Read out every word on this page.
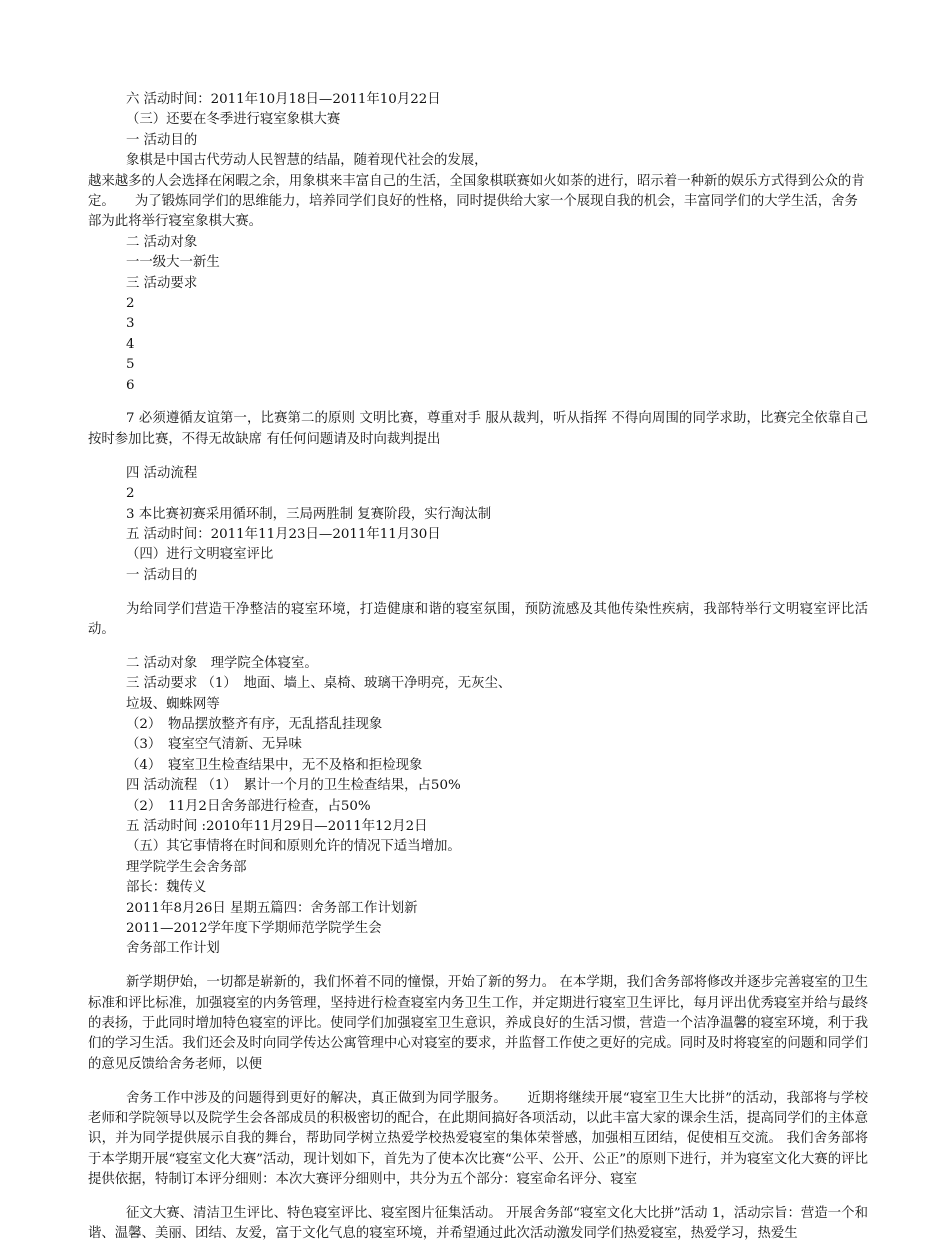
六 活动时间：2011年10月18日—2011年10月22日

（三）还要在冬季进行寝室象棋大赛

一 活动目的

象棋是中国古代劳动人民智慧的结晶，随着现代社会的发展，

越来越多的人会选择在闲暇之余，用象棋来丰富自己的生活，全国象棋联赛如火如荼的进行，昭示着一种新的娱乐方式得到公众的肯定。　　为了锻炼同学们的思维能力，培养同学们良好的性格，同时提供给大家一个展现自我的机会，丰富同学们的大学生活，舍务部为此将举行寝室象棋大赛。

二 活动对象

一一级大一新生

三 活动要求

2

3

4

5

6

7 必须遵循友谊第一，比赛第二的原则 文明比赛，尊重对手 服从裁判，听从指挥 不得向周围的同学求助，比赛完全依靠自己 按时参加比赛，不得无故缺席 有任何问题请及时向裁判提出

四 活动流程

2

3 本比赛初赛采用循环制，三局两胜制 复赛阶段，实行淘汰制

五 活动时间：2011年11月23日—2011年11月30日

（四）进行文明寝室评比

一 活动目的

为给同学们营造干净整洁的寝室环境，打造健康和谐的寝室氛围，预防流感及其他传染性疾病，我部特举行文明寝室评比活动。

二 活动对象　理学院全体寝室。

三 活动要求 （1）　地面、墙上、桌椅、玻璃干净明亮，无灰尘、

垃圾、蜘蛛网等

（2）　物品摆放整齐有序，无乱搭乱挂现象

（3）　寝室空气清新、无异味

（4）　寝室卫生检查结果中，无不及格和拒检现象

四 活动流程 （1）　累计一个月的卫生检查结果，占50%

（2）　11月2日舍务部进行检查，占50%

五 活动时间 :2010年11月29日—2011年12月2日

（五）其它事情将在时间和原则允许的情况下适当增加。

理学院学生会舍务部

部长：魏传义

2011年8月26日 星期五篇四：舍务部工作计划新

2011—2012学年度下学期师范学院学生会

舍务部工作计划

新学期伊始，一切都是崭新的，我们怀着不同的憧憬，开始了新的努力。 在本学期，我们舍务部将修改并逐步完善寝室的卫生标准和评比标准，加强寝室的内务管理，坚持进行检查寝室内务卫生工作，并定期进行寝室卫生评比，每月评出优秀寝室并给与最终的表扬，于此同时增加特色寝室的评比。使同学们加强寝室卫生意识，养成良好的生活习惯，营造一个洁净温馨的寝室环境，利于我们的学习生活。我们还会及时向同学传达公寓管理中心对寝室的要求，并监督工作使之更好的完成。同时及时将寝室的问题和同学们的意见反馈给舍务老师，以便

舍务工作中涉及的问题得到更好的解决，真正做到为同学服务。　　近期将继续开展“寝室卫生大比拼”的活动，我部将与学校老师和学院领导以及院学生会各部成员的积极密切的配合，在此期间搞好各项活动，以此丰富大家的课余生活，提高同学们的主体意识，并为同学提供展示自我的舞台，帮助同学树立热爱学校热爱寝室的集体荣誉感，加强相互团结，促使相互交流。 我们舍务部将于本学期开展“寝室文化大赛”活动，现计划如下，首先为了使本次比赛“公平、公开、公正”的原则下进行，并为寝室文化大赛的评比提供依据，特制订本评分细则：本次大赛评分细则中，共分为五个部分：寝室命名评分、寝室

征文大赛、清洁卫生评比、特色寝室评比、寝室图片征集活动。 开展舍务部“寝室文化大比拼”活动 1，活动宗旨：营造一个和谐、温馨、美丽、团结、友爱，富于文化气息的寝室环境，并希望通过此次活动激发同学们热爱寝室，热爱学习，热爱生
